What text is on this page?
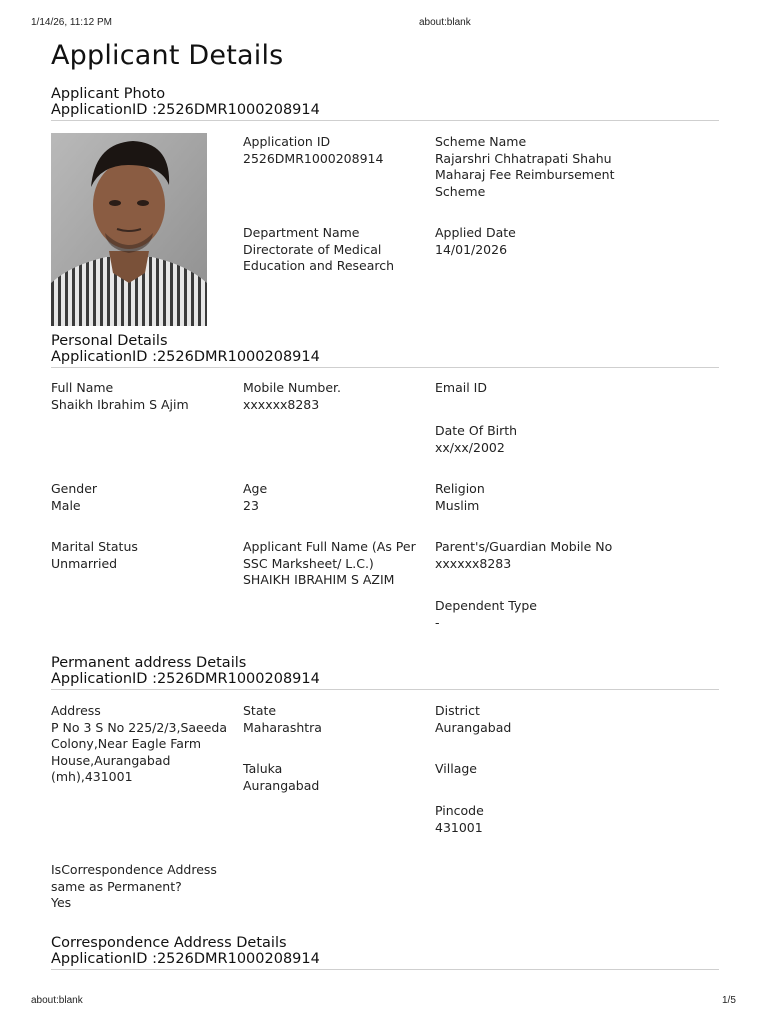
1/14/26, 11:12 PM	about:blank
Applicant Details
Applicant Photo
ApplicationID :2526DMR1000208914
Application ID
2526DMR1000208914
Scheme Name
Rajarshri Chhatrapati Shahu Maharaj Fee Reimbursement Scheme
Department Name
Directorate of Medical Education and Research
Applied Date
14/01/2026
Personal Details
ApplicationID :2526DMR1000208914
Full Name
Shaikh Ibrahim S Ajim
Mobile Number.
xxxxxx8283
Email ID
Date Of Birth
xx/xx/2002
Gender
Male
Age
23
Religion
Muslim
Marital Status
Unmarried
Applicant Full Name (As Per SSC Marksheet/ L.C.)
SHAIKH IBRAHIM S AZIM
Parent's/Guardian Mobile No
xxxxxx8283
Dependent Type
-
Permanent address Details
ApplicationID :2526DMR1000208914
Address
P No 3 S No 225/2/3,Saeeda Colony,Near Eagle Farm House,Aurangabad (mh),431001
State
Maharashtra
District
Aurangabad
Taluka
Aurangabad
Village
Pincode
431001
IsCorrespondence Address same as Permanent?
Yes
Correspondence Address Details
ApplicationID :2526DMR1000208914
about:blank	1/5
